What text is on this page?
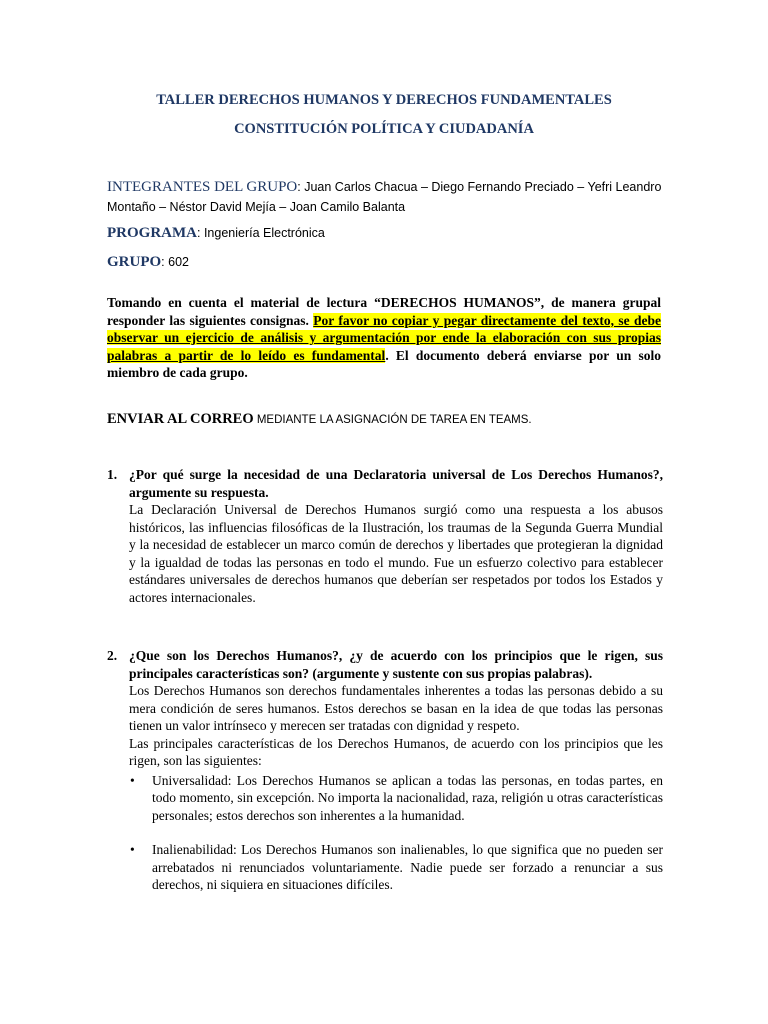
TALLER DERECHOS HUMANOS Y DERECHOS FUNDAMENTALES
CONSTITUCIÓN POLÍTICA Y CIUDADANÍA
INTEGRANTES DEL GRUPO: Juan Carlos Chacua – Diego Fernando Preciado – Yefri Leandro Montaño – Néstor David Mejía – Joan Camilo Balanta
PROGRAMA: Ingeniería Electrónica
GRUPO: 602
Tomando en cuenta el material de lectura “DERECHOS HUMANOS”, de manera grupal responder las siguientes consignas. Por favor no copiar y pegar directamente del texto, se debe observar un ejercicio de análisis y argumentación por ende la elaboración con sus propias palabras a partir de lo leído es fundamental. El documento deberá enviarse por un solo miembro de cada grupo.
ENVIAR AL CORREO MEDIANTE LA ASIGNACIÓN DE TAREA EN TEAMS.
1. ¿Por qué surge la necesidad de una Declaratoria universal de Los Derechos Humanos?, argumente su respuesta.
La Declaración Universal de Derechos Humanos surgió como una respuesta a los abusos históricos, las influencias filosóficas de la Ilustración, los traumas de la Segunda Guerra Mundial y la necesidad de establecer un marco común de derechos y libertades que protegieran la dignidad y la igualdad de todas las personas en todo el mundo. Fue un esfuerzo colectivo para establecer estándares universales de derechos humanos que deberían ser respetados por todos los Estados y actores internacionales.
2. ¿Que son los Derechos Humanos?, ¿y de acuerdo con los principios que le rigen, sus principales características son? (argumente y sustente con sus propias palabras).
Los Derechos Humanos son derechos fundamentales inherentes a todas las personas debido a su mera condición de seres humanos. Estos derechos se basan en la idea de que todas las personas tienen un valor intrínseco y merecen ser tratadas con dignidad y respeto.
Las principales características de los Derechos Humanos, de acuerdo con los principios que les rigen, son las siguientes:
• Universalidad: Los Derechos Humanos se aplican a todas las personas, en todas partes, en todo momento, sin excepción. No importa la nacionalidad, raza, religión u otras características personales; estos derechos son inherentes a la humanidad.
• Inalienabilidad: Los Derechos Humanos son inalienables, lo que significa que no pueden ser arrebatados ni renunciados voluntariamente. Nadie puede ser forzado a renunciar a sus derechos, ni siquiera en situaciones difíciles.
